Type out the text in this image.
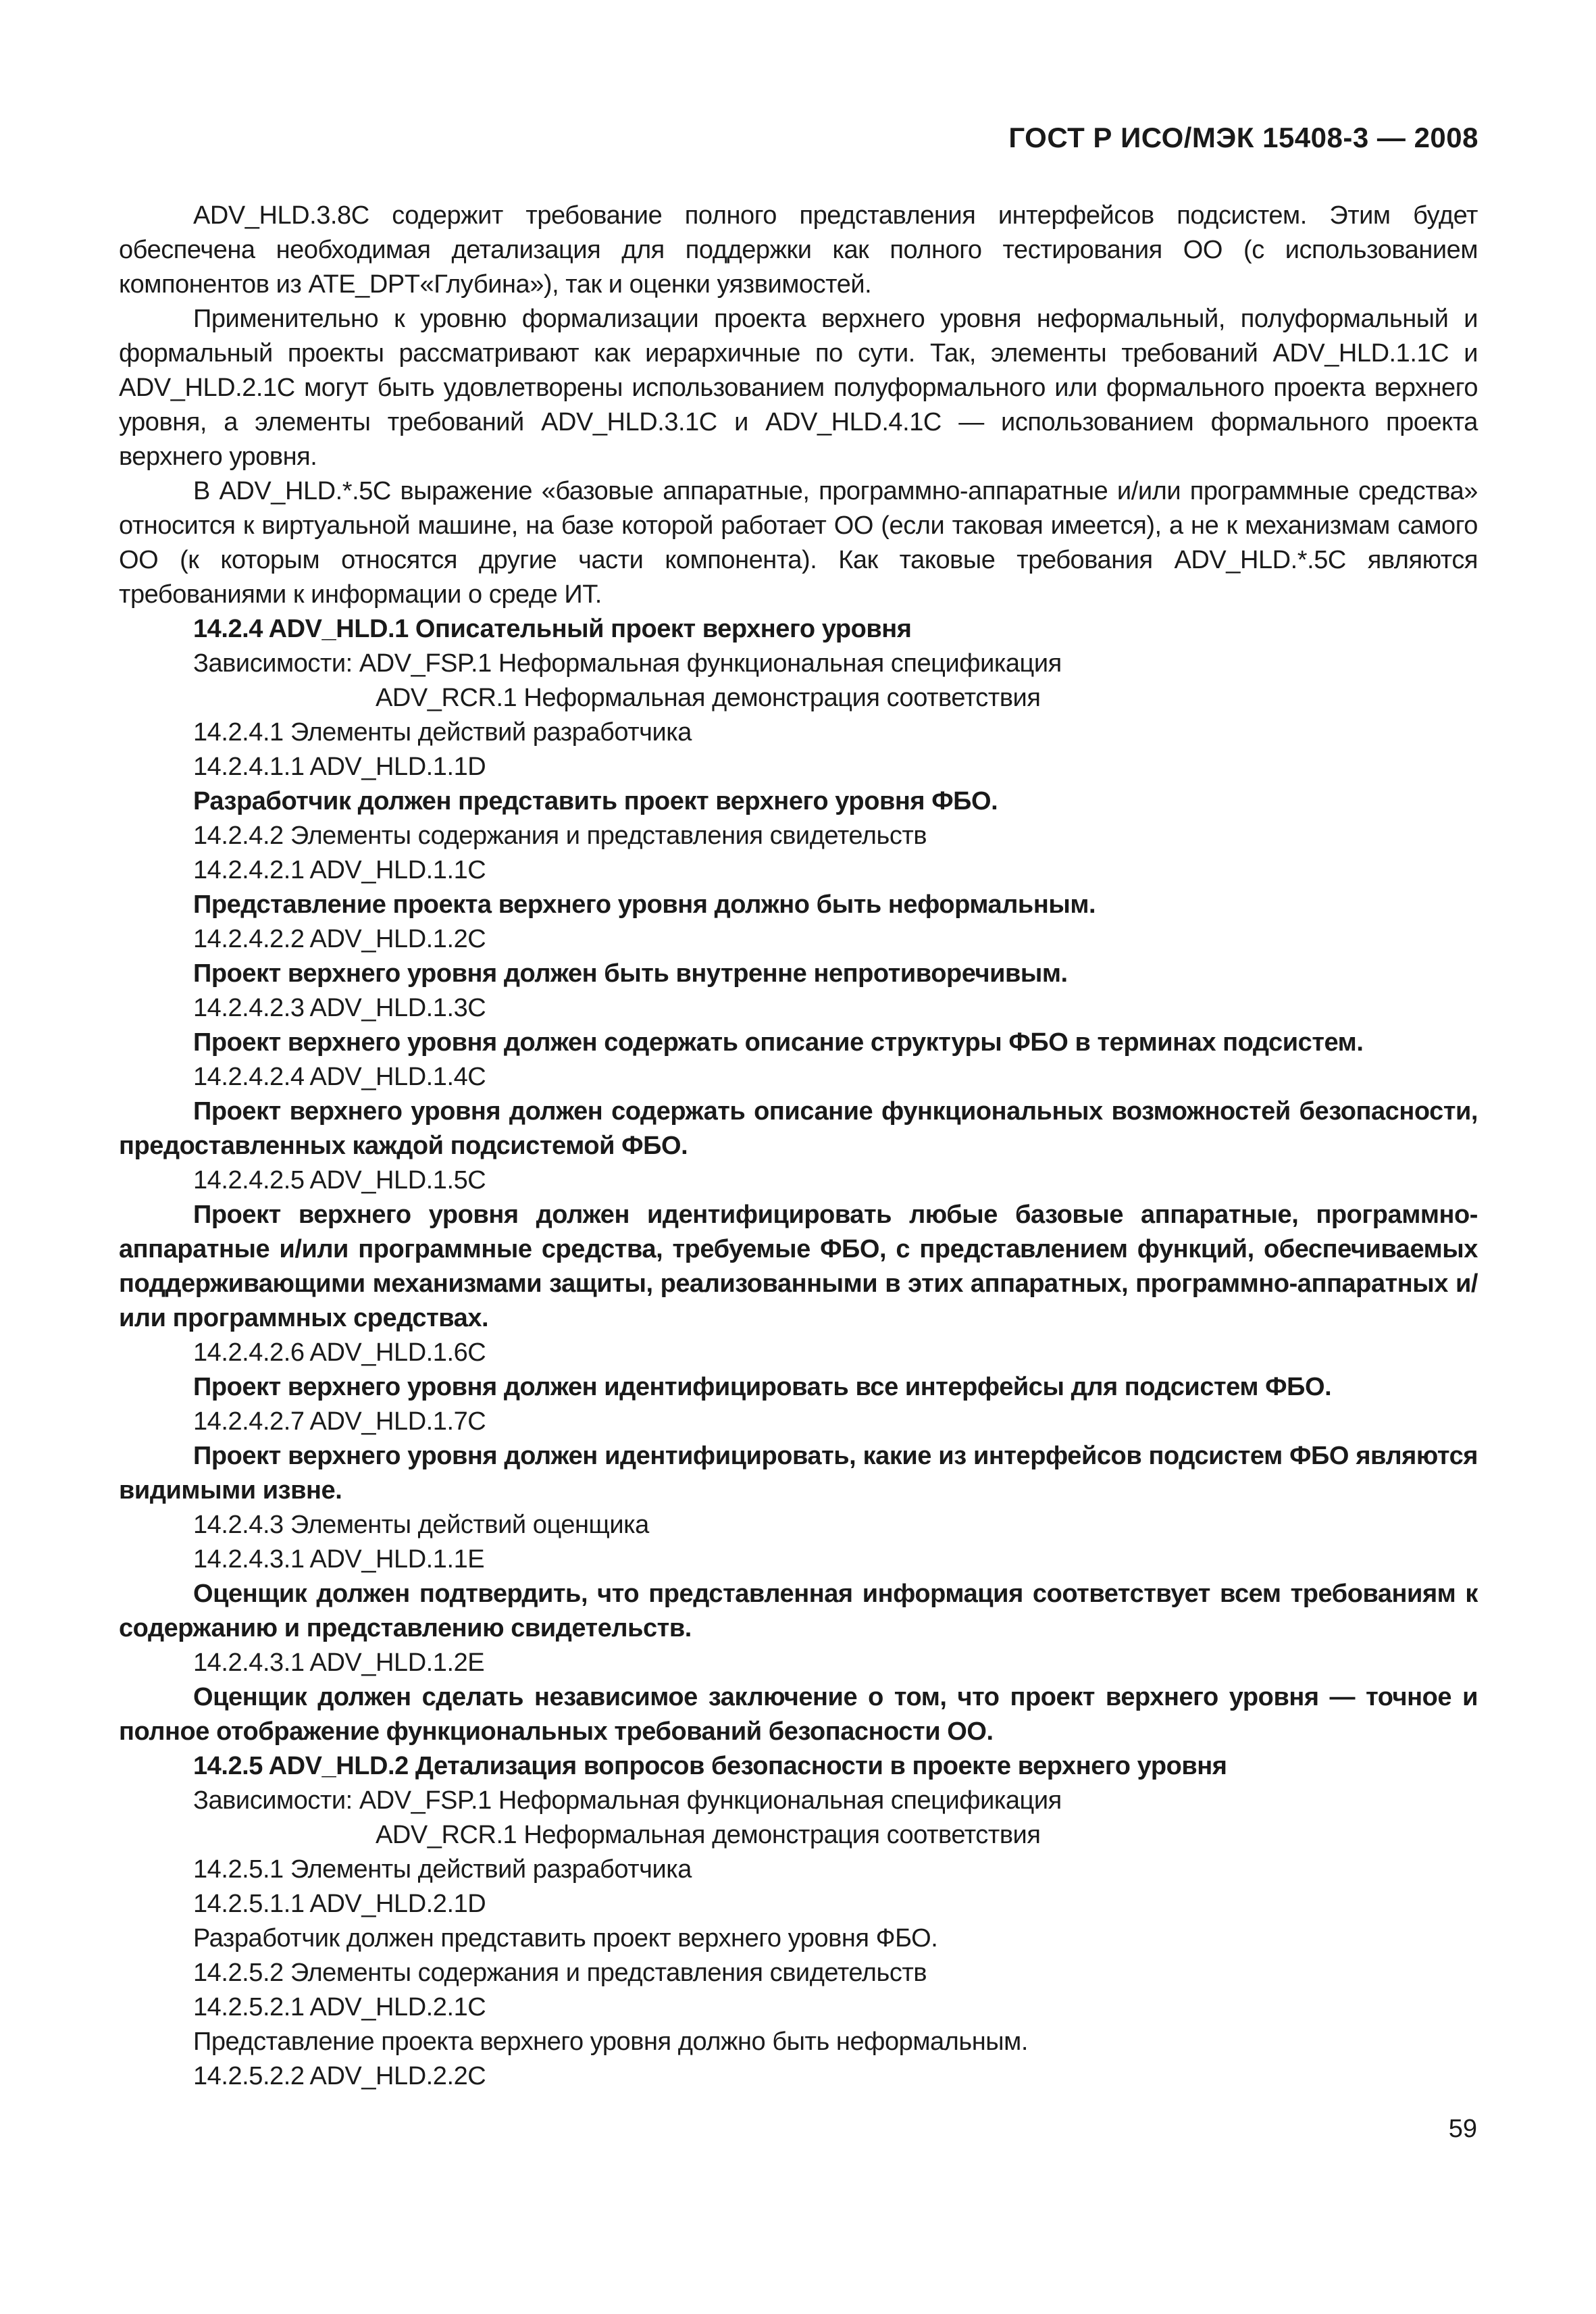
ГОСТ Р ИСО/МЭК 15408-3 — 2008

ADV_HLD.3.8C содержит требование полного представления интерфейсов подсистем. Этим будет обеспечена необходимая детализация для поддержки как полного тестирования ОО (с использованием компонентов из ATE_DPT«Глубина»), так и оценки уязвимостей.

Применительно к уровню формализации проекта верхнего уровня неформальный, полуформальный и формальный проекты рассматривают как иерархичные по сути. Так, элементы требований ADV_HLD.1.1C и ADV_HLD.2.1C могут быть удовлетворены использованием полуформального или формального проекта верхнего уровня, а элементы требований ADV_HLD.3.1C и ADV_HLD.4.1C — использованием формального проекта верхнего уровня.

В ADV_HLD.*.5C выражение «базовые аппаратные, программно-аппаратные и/или программные средства» относится к виртуальной машине, на базе которой работает ОО (если таковая имеется), а не к механизмам самого ОО (к которым относятся другие части компонента). Как таковые требования ADV_HLD.*.5C являются требованиями к информации о среде ИТ.

14.2.4 ADV_HLD.1 Описательный проект верхнего уровня

Зависимости: ADV_FSP.1 Неформальная функциональная спецификация

ADV_RCR.1 Неформальная демонстрация соответствия

14.2.4.1 Элементы действий разработчика

14.2.4.1.1 ADV_HLD.1.1D

Разработчик должен представить проект верхнего уровня ФБО.

14.2.4.2 Элементы содержания и представления свидетельств

14.2.4.2.1 ADV_HLD.1.1C

Представление проекта верхнего уровня должно быть неформальным.

14.2.4.2.2 ADV_HLD.1.2C

Проект верхнего уровня должен быть внутренне непротиворечивым.

14.2.4.2.3 ADV_HLD.1.3C

Проект верхнего уровня должен содержать описание структуры ФБО в терминах подсистем.

14.2.4.2.4 ADV_HLD.1.4C

Проект верхнего уровня должен содержать описание функциональных возможностей безопасности, предоставленных каждой подсистемой ФБО.

14.2.4.2.5 ADV_HLD.1.5C

Проект верхнего уровня должен идентифицировать любые базовые аппаратные, программно-аппаратные и/или программные средства, требуемые ФБО, с представлением функций, обеспечиваемых поддерживающими механизмами защиты, реализованными в этих аппаратных, программно-аппаратных и/или программных средствах.

14.2.4.2.6 ADV_HLD.1.6C

Проект верхнего уровня должен идентифицировать все интерфейсы для подсистем ФБО.

14.2.4.2.7 ADV_HLD.1.7C

Проект верхнего уровня должен идентифицировать, какие из интерфейсов подсистем ФБО являются видимыми извне.

14.2.4.3 Элементы действий оценщика

14.2.4.3.1 ADV_HLD.1.1E

Оценщик должен подтвердить, что представленная информация соответствует всем требованиям к содержанию и представлению свидетельств.

14.2.4.3.1 ADV_HLD.1.2E

Оценщик должен сделать независимое заключение о том, что проект верхнего уровня — точное и полное отображение функциональных требований безопасности ОО.

14.2.5 ADV_HLD.2 Детализация вопросов безопасности в проекте верхнего уровня

Зависимости: ADV_FSP.1 Неформальная функциональная спецификация

ADV_RCR.1 Неформальная демонстрация соответствия

14.2.5.1 Элементы действий разработчика

14.2.5.1.1 ADV_HLD.2.1D

Разработчик должен представить проект верхнего уровня ФБО.

14.2.5.2 Элементы содержания и представления свидетельств

14.2.5.2.1 ADV_HLD.2.1C

Представление проекта верхнего уровня должно быть неформальным.

14.2.5.2.2 ADV_HLD.2.2C

59
